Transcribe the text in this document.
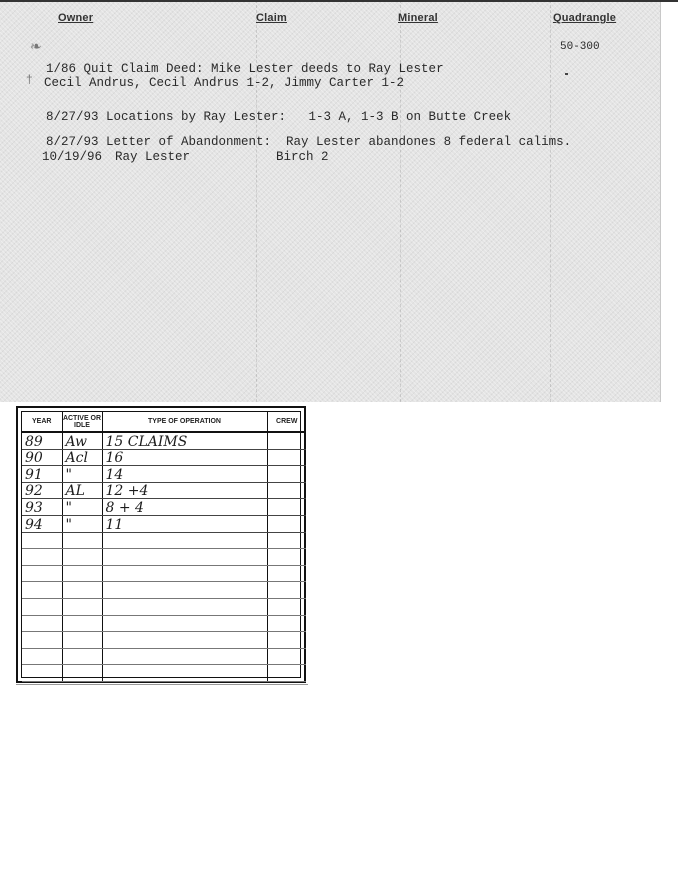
Owner	Claim	Mineral	Quadrangle
50-300
❧
†
1/86 Quit Claim Deed: Mike Lester deeds to Ray Lester
Cecil Andrus, Cecil Andrus 1-2, Jimmy Carter 1-2
8/27/93 Locations by Ray Lester:   1-3 A, 1-3 B on Butte Creek
8/27/93 Letter of Abandonment:  Ray Lester abandones 8 federal calims.
10/19/96 Ray Lester	Birch 2
YEAR	ACTIVE OR IDLE	TYPE OF OPERATION	CREW
89	Aw	15 CLAIMS	
90	Acl	16	
91	"	14	
92	AL	12 +4	
93	"	8 + 4	
94	"	11	
